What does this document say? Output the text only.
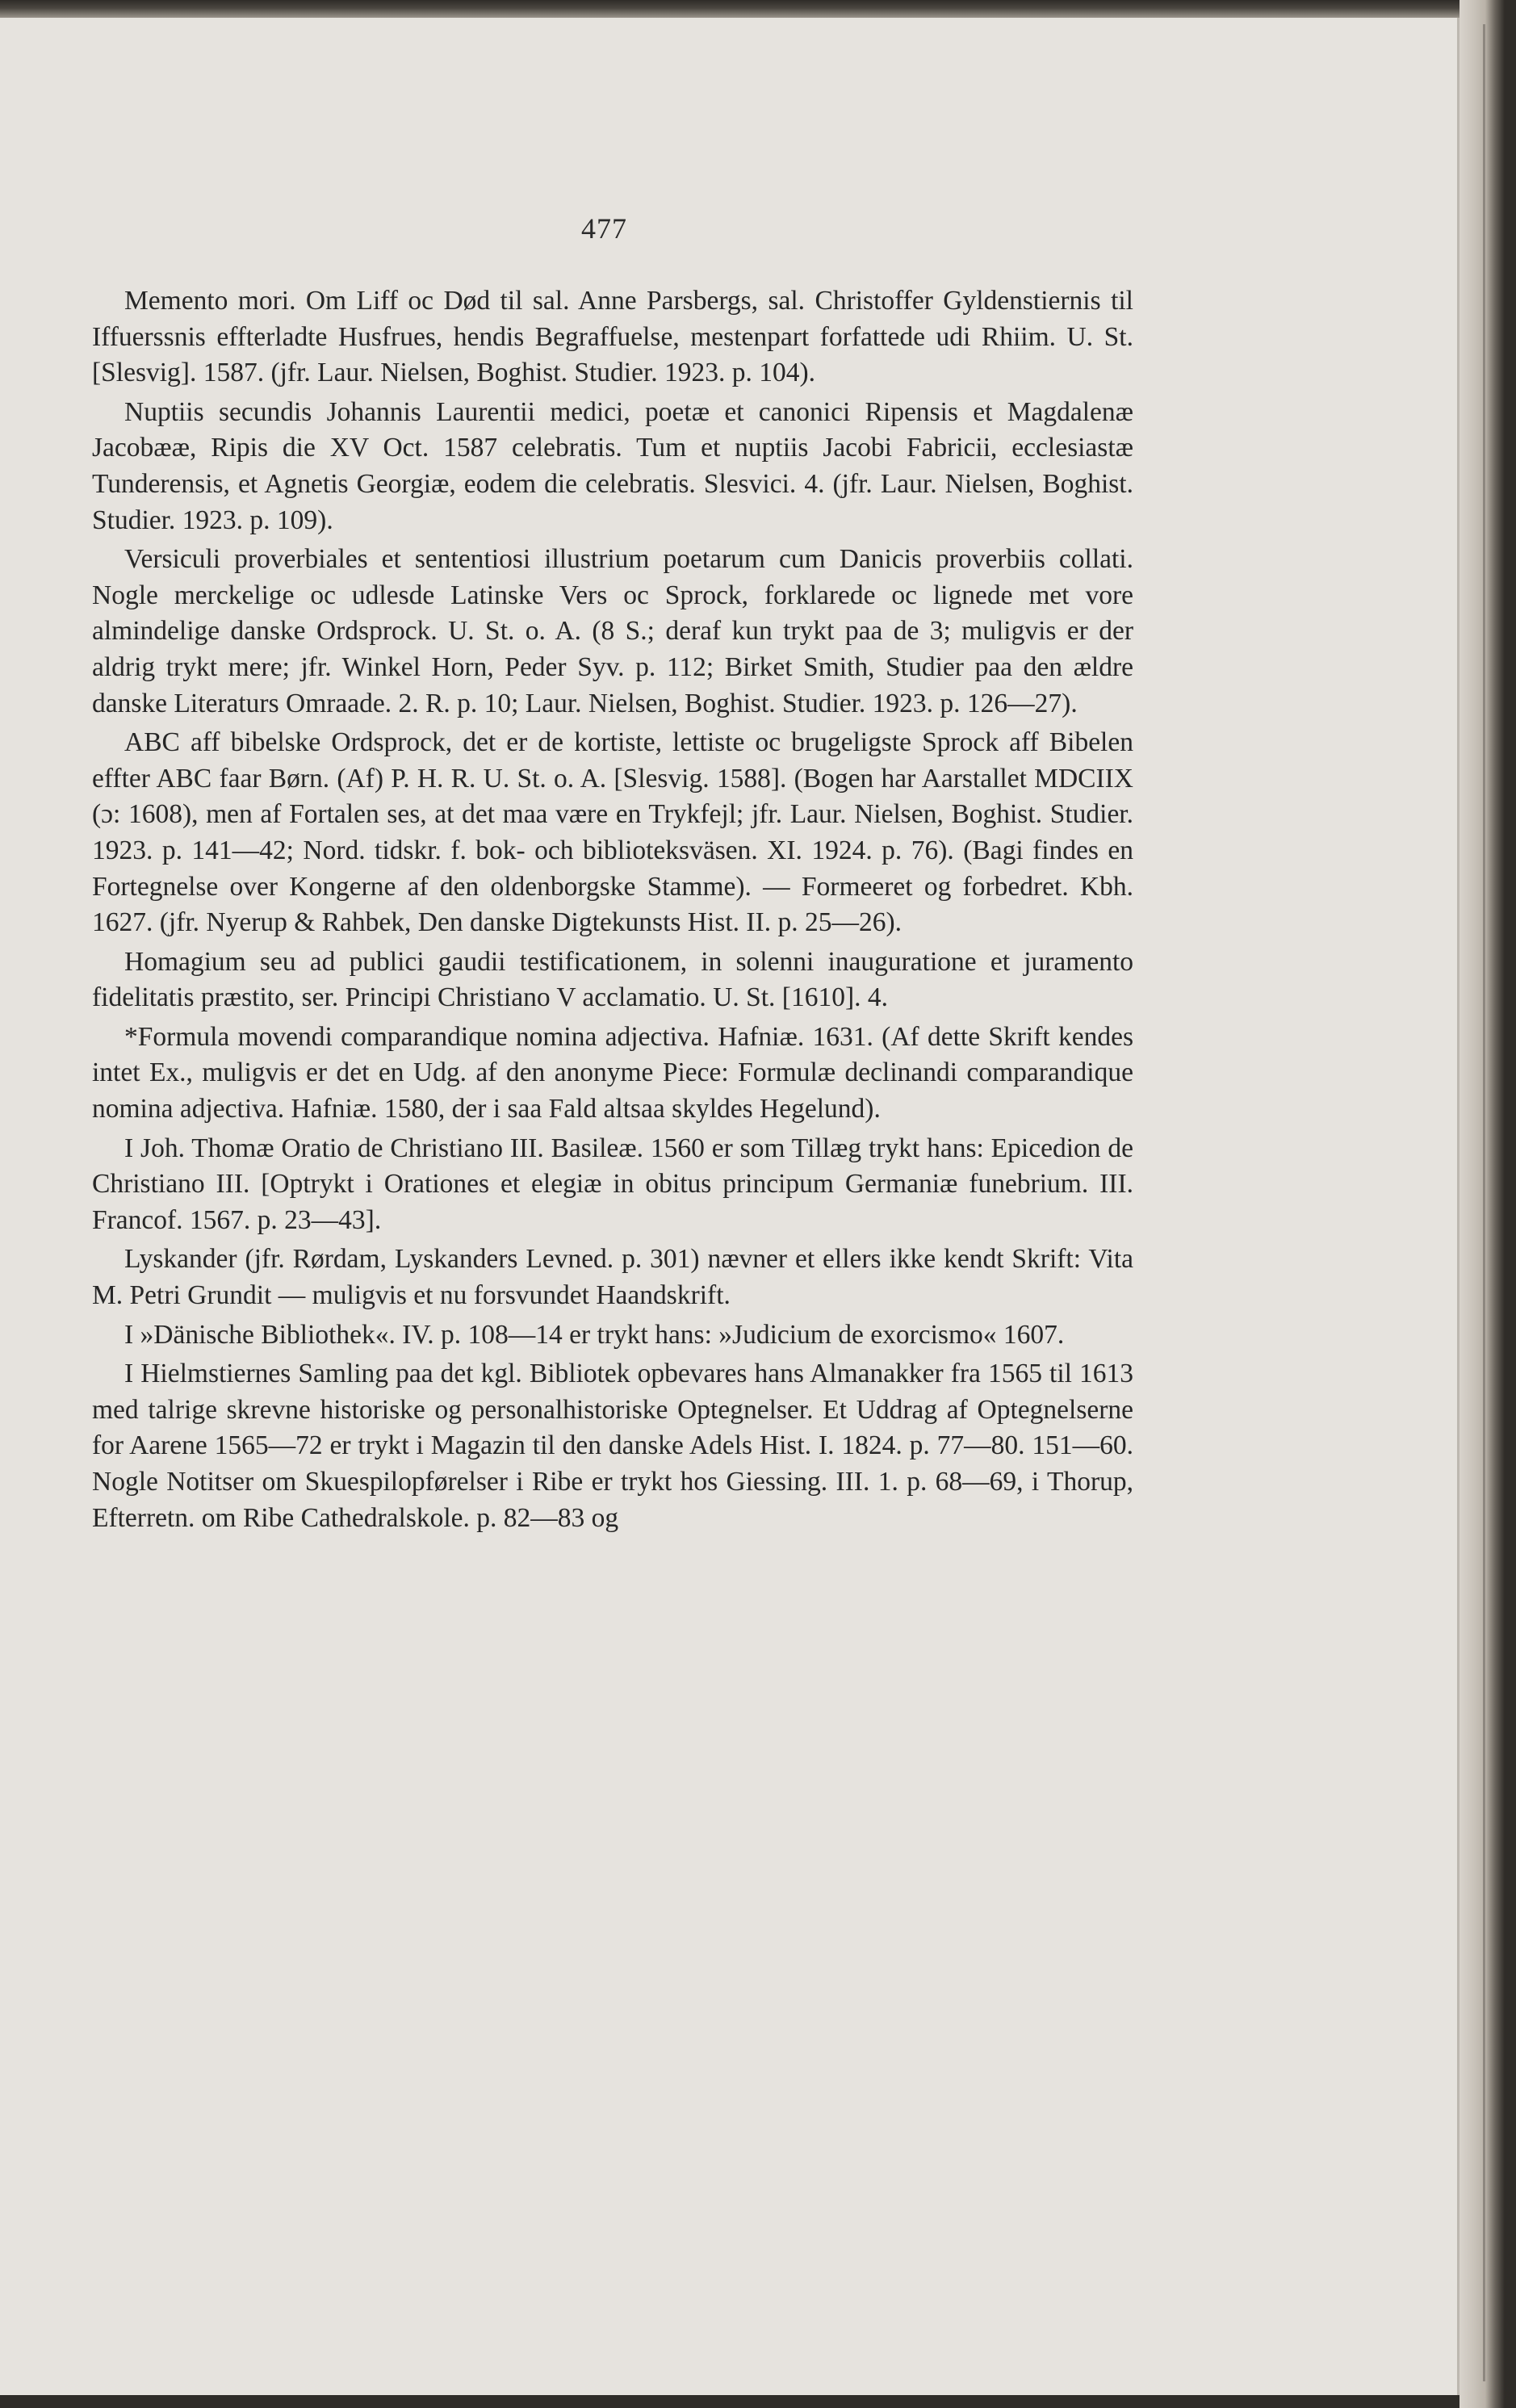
477

Memento mori. Om Liff oc Død til sal. Anne Parsbergs, sal. Christoffer Gyldenstiernis til Iffuerssnis effterladte Husfrues, hendis Begraffuelse, mestenpart forfattede udi Rhiim. U. St. [Slesvig]. 1587. (jfr. Laur. Nielsen, Boghist. Studier. 1923. p. 104).

Nuptiis secundis Johannis Laurentii medici, poetæ et canonici Ripensis et Magdalenæ Jacobææ, Ripis die XV Oct. 1587 celebratis. Tum et nuptiis Jacobi Fabricii, ecclesiastæ Tunderensis, et Agnetis Georgiæ, eodem die celebratis. Slesvici. 4. (jfr. Laur. Nielsen, Boghist. Studier. 1923. p. 109).

Versiculi proverbiales et sententiosi illustrium poetarum cum Danicis proverbiis collati. Nogle merckelige oc udlesde Latinske Vers oc Sprock, forklarede oc lignede met vore almindelige danske Ordsprock. U. St. o. A. (8 S.; deraf kun trykt paa de 3; muligvis er der aldrig trykt mere; jfr. Winkel Horn, Peder Syv. p. 112; Birket Smith, Studier paa den ældre danske Literaturs Omraade. 2. R. p. 10; Laur. Nielsen, Boghist. Studier. 1923. p. 126—27).

ABC aff bibelske Ordsprock, det er de kortiste, lettiste oc brugeligste Sprock aff Bibelen effter ABC faar Børn. (Af) P. H. R. U. St. o. A. [Slesvig. 1588]. (Bogen har Aarstallet MDCIIX (ɔ: 1608), men af Fortalen ses, at det maa være en Trykfejl; jfr. Laur. Nielsen, Boghist. Studier. 1923. p. 141—42; Nord. tidskr. f. bok- och biblioteksväsen. XI. 1924. p. 76). (Bagi findes en Fortegnelse over Kongerne af den oldenborgske Stamme). — Formeeret og forbedret. Kbh. 1627. (jfr. Nyerup & Rahbek, Den danske Digtekunsts Hist. II. p. 25—26).

Homagium seu ad publici gaudii testificationem, in solenni inauguratione et juramento fidelitatis præstito, ser. Principi Christiano V acclamatio. U. St. [1610]. 4.

*Formula movendi comparandique nomina adjectiva. Hafniæ. 1631. (Af dette Skrift kendes intet Ex., muligvis er det en Udg. af den anonyme Piece: Formulæ declinandi comparandique nomina adjectiva. Hafniæ. 1580, der i saa Fald altsaa skyldes Hegelund).

I Joh. Thomæ Oratio de Christiano III. Basileæ. 1560 er som Tillæg trykt hans: Epicedion de Christiano III. [Optrykt i Orationes et elegiæ in obitus principum Germaniæ funebrium. III. Francof. 1567. p. 23—43].

Lyskander (jfr. Rørdam, Lyskanders Levned. p. 301) nævner et ellers ikke kendt Skrift: Vita M. Petri Grundit — muligvis et nu forsvundet Haandskrift.

I »Dänische Bibliothek«. IV. p. 108—14 er trykt hans: »Judicium de exorcismo« 1607.

I Hielmstiernes Samling paa det kgl. Bibliotek opbevares hans Almanakker fra 1565 til 1613 med talrige skrevne historiske og personalhistoriske Optegnelser. Et Uddrag af Optegnelserne for Aarene 1565—72 er trykt i Magazin til den danske Adels Hist. I. 1824. p. 77—80. 151—60. Nogle Notitser om Skuespilopførelser i Ribe er trykt hos Giessing. III. 1. p. 68—69, i Thorup, Efterretn. om Ribe Cathedralskole. p. 82—83 og
